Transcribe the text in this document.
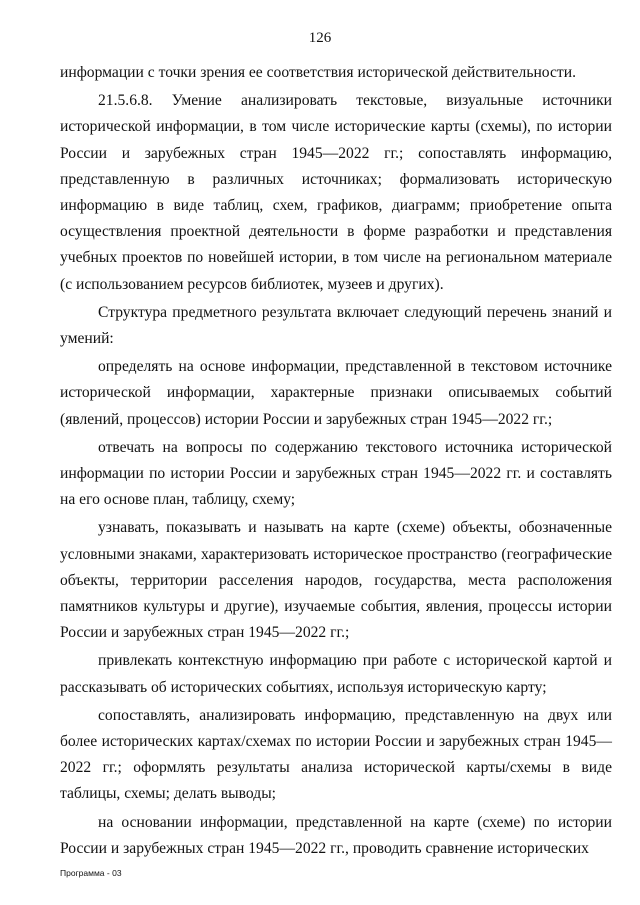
126

информации с точки зрения ее соответствия исторической действительности.

21.5.6.8. Умение анализировать текстовые, визуальные источники исторической информации, в том числе исторические карты (схемы), по истории России и зарубежных стран 1945—2022 гг.; сопоставлять информацию, представленную в различных источниках; формализовать историческую информацию в виде таблиц, схем, графиков, диаграмм; приобретение опыта осуществления проектной деятельности в форме разработки и представления учебных проектов по новейшей истории, в том числе на региональном материале (с использованием ресурсов библиотек, музеев и других).

Структура предметного результата включает следующий перечень знаний и умений:

определять на основе информации, представленной в текстовом источнике исторической информации, характерные признаки описываемых событий (явлений, процессов) истории России и зарубежных стран 1945—2022 гг.;

отвечать на вопросы по содержанию текстового источника исторической информации по истории России и зарубежных стран 1945—2022 гг. и составлять на его основе план, таблицу, схему;

узнавать, показывать и называть на карте (схеме) объекты, обозначенные условными знаками, характеризовать историческое пространство (географические объекты, территории расселения народов, государства, места расположения памятников культуры и другие), изучаемые события, явления, процессы истории России и зарубежных стран 1945—2022 гг.;

привлекать контекстную информацию при работе с исторической картой и рассказывать об исторических событиях, используя историческую карту;

сопоставлять, анализировать информацию, представленную на двух или более исторических картах/схемах по истории России и зарубежных стран 1945—2022 гг.; оформлять результаты анализа исторической карты/схемы в виде таблицы, схемы; делать выводы;

на основании информации, представленной на карте (схеме) по истории России и зарубежных стран 1945—2022 гг., проводить сравнение исторических

Программа - 03
